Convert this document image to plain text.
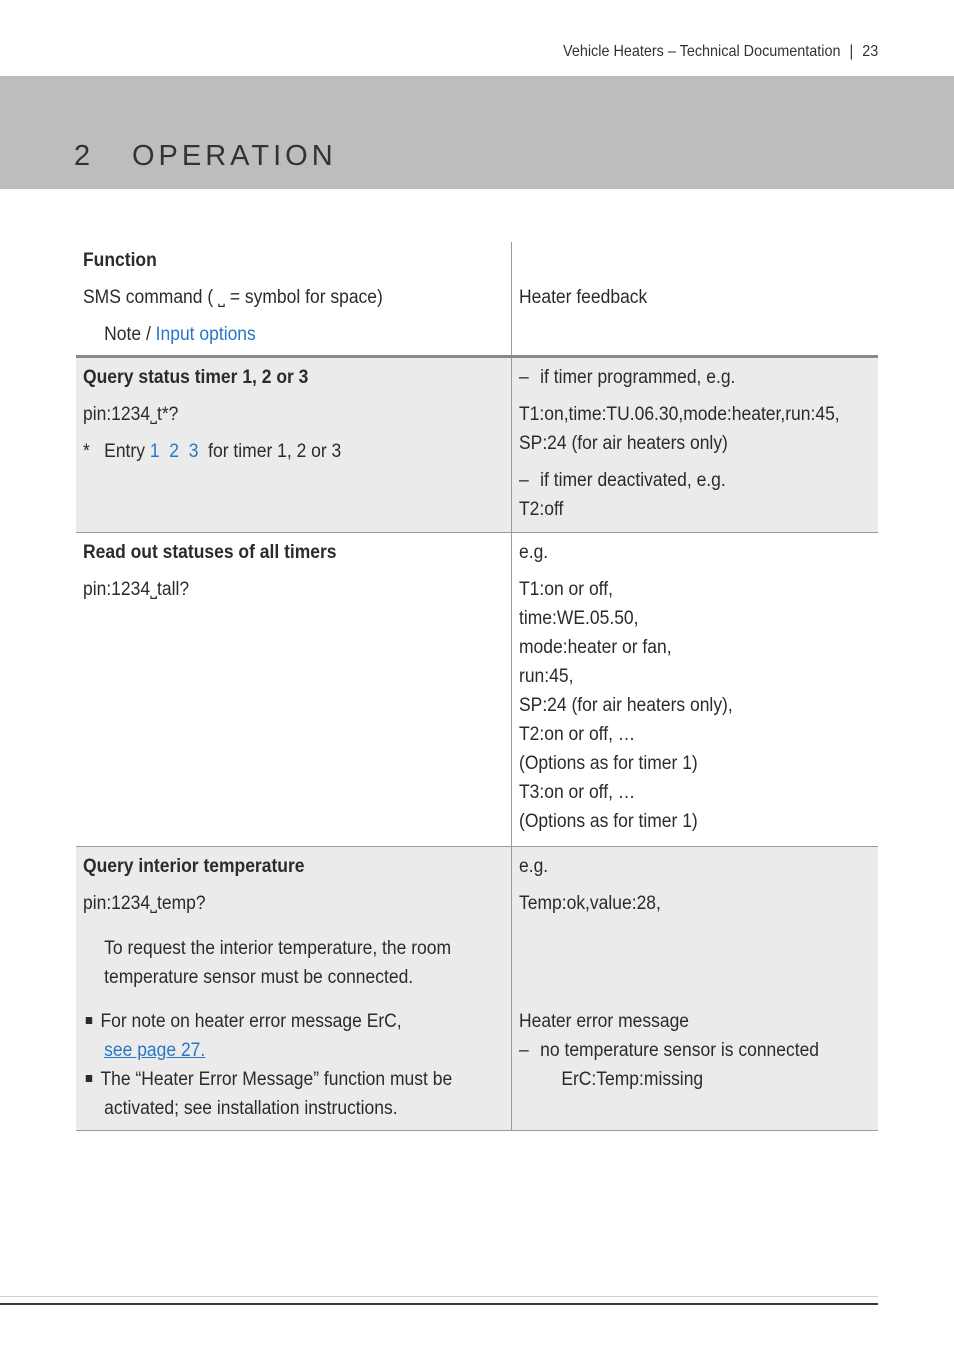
Vehicle Heaters – Technical Documentation | 23
2 OPERATION
Function
SMS command ( ˽ = symbol for space)
Note / Input options
Heater feedback
Query status timer 1, 2 or 3
pin:1234˽t*?
* Entry 1 2 3 for timer 1, 2 or 3
– if timer programmed, e.g.
T1:on,time:TU.06.30,mode:heater,run:45,
SP:24 (for air heaters only)
– if timer deactivated, e.g.
T2:off
Read out statuses of all timers
pin:1234˽tall?
e.g.
T1:on or off,
time:WE.05.50,
mode:heater or fan,
run:45,
SP:24 (for air heaters only),
T2:on or off, …
(Options as for timer 1)
T3:on or off, …
(Options as for timer 1)
Query interior temperature
pin:1234˽temp?
To request the interior temperature, the room
temperature sensor must be connected.
For note on heater error message ErC,
see page 27.
The “Heater Error Message” function must be
activated; see installation instructions.
e.g.
Temp:ok,value:28,
Heater error message
– no temperature sensor is connected
ErC:Temp:missing
